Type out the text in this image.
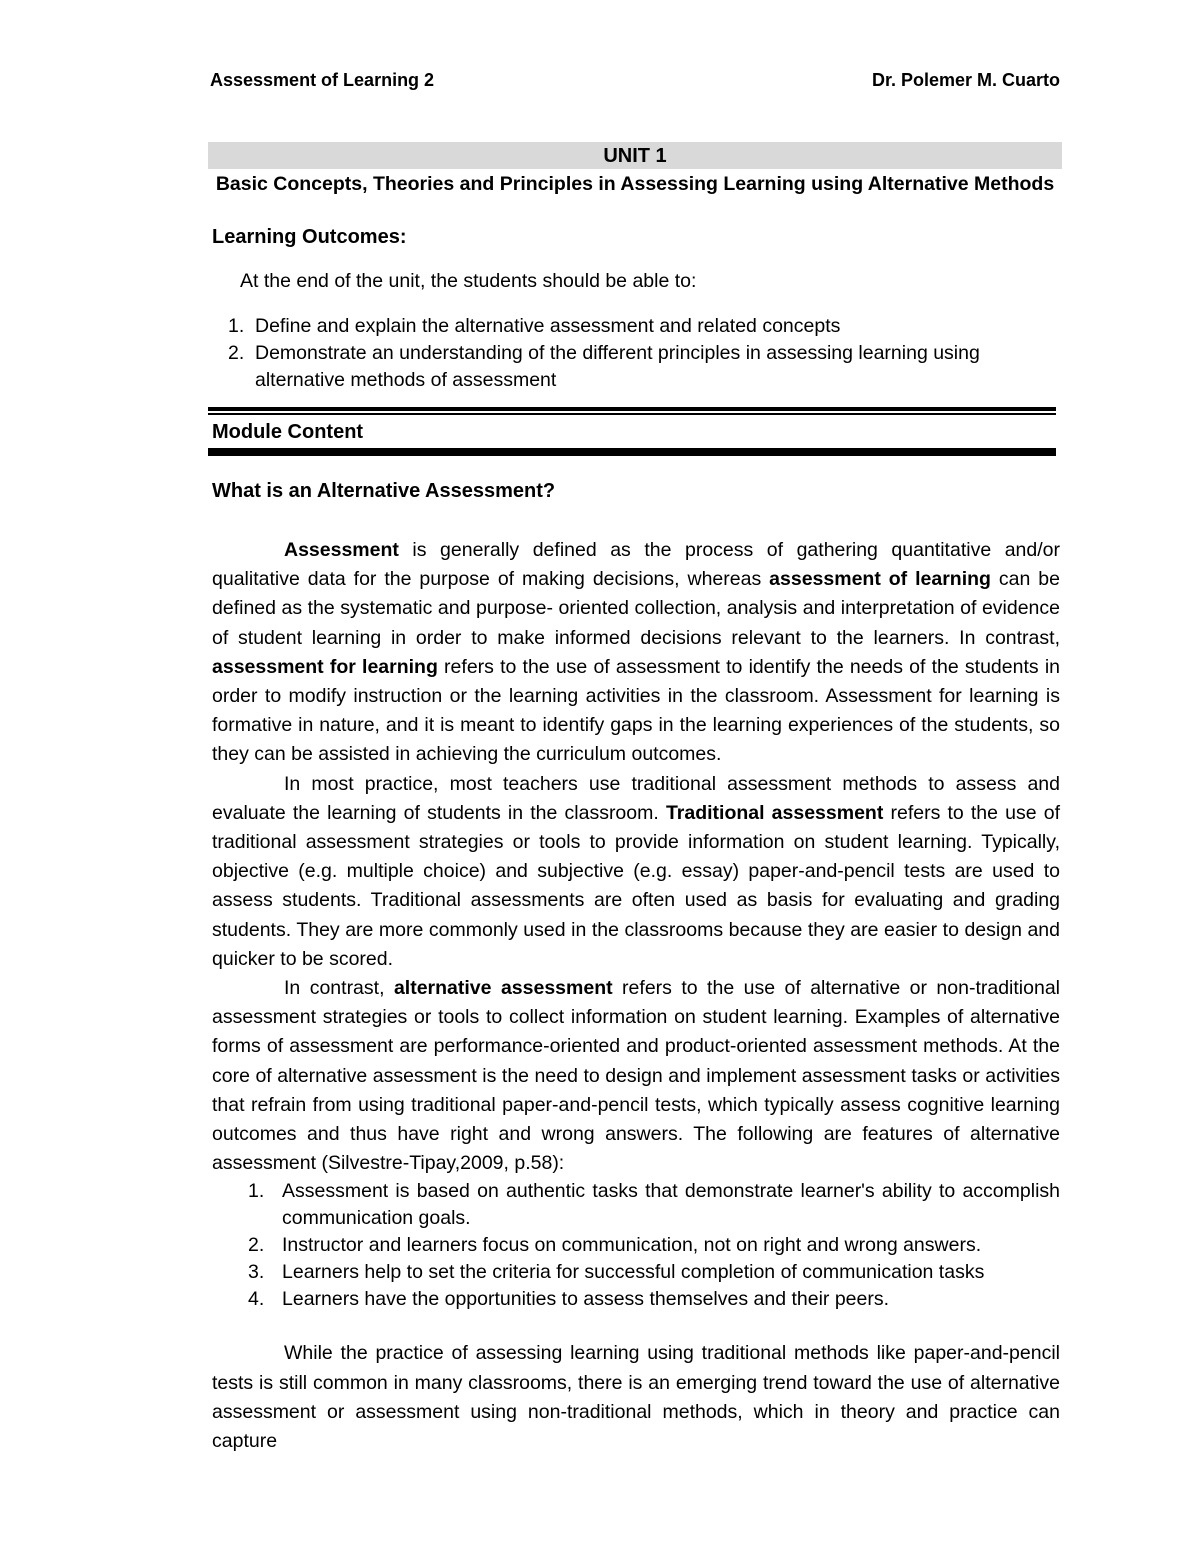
Assessment of Learning 2	Dr. Polemer M. Cuarto
UNIT 1
Basic Concepts, Theories and Principles in Assessing Learning using Alternative Methods
Learning Outcomes:
At the end of the unit, the students should be able to:
1. Define and explain the alternative assessment and related concepts
2. Demonstrate an understanding of the different principles in assessing learning using alternative methods of assessment
Module Content
What is an Alternative Assessment?

Assessment is generally defined as the process of gathering quantitative and/or qualitative data for the purpose of making decisions, whereas assessment of learning can be defined as the systematic and purpose- oriented collection, analysis and interpretation of evidence of student learning in order to make informed decisions relevant to the learners. In contrast, assessment for learning refers to the use of assessment to identify the needs of the students in order to modify instruction or the learning activities in the classroom. Assessment for learning is formative in nature, and it is meant to identify gaps in the learning experiences of the students, so they can be assisted in achieving the curriculum outcomes.

In most practice, most teachers use traditional assessment methods to assess and evaluate the learning of students in the classroom. Traditional assessment refers to the use of traditional assessment strategies or tools to provide information on student learning. Typically, objective (e.g. multiple choice) and subjective (e.g. essay) paper-and-pencil tests are used to assess students. Traditional assessments are often used as basis for evaluating and grading students. They are more commonly used in the classrooms because they are easier to design and quicker to be scored.

In contrast, alternative assessment refers to the use of alternative or non-traditional assessment strategies or tools to collect information on student learning. Examples of alternative forms of assessment are performance-oriented and product-oriented assessment methods. At the core of alternative assessment is the need to design and implement assessment tasks or activities that refrain from using traditional paper-and-pencil tests, which typically assess cognitive learning outcomes and thus have right and wrong answers. The following are features of alternative assessment (Silvestre-Tipay,2009, p.58):

1. Assessment is based on authentic tasks that demonstrate learner's ability to accomplish communication goals.
2. Instructor and learners focus on communication, not on right and wrong answers.
3. Learners help to set the criteria for successful completion of communication tasks
4. Learners have the opportunities to assess themselves and their peers.

While the practice of assessing learning using traditional methods like paper-and-pencil tests is still common in many classrooms, there is an emerging trend toward the use of alternative assessment or assessment using non-traditional methods, which in theory and practice can capture
